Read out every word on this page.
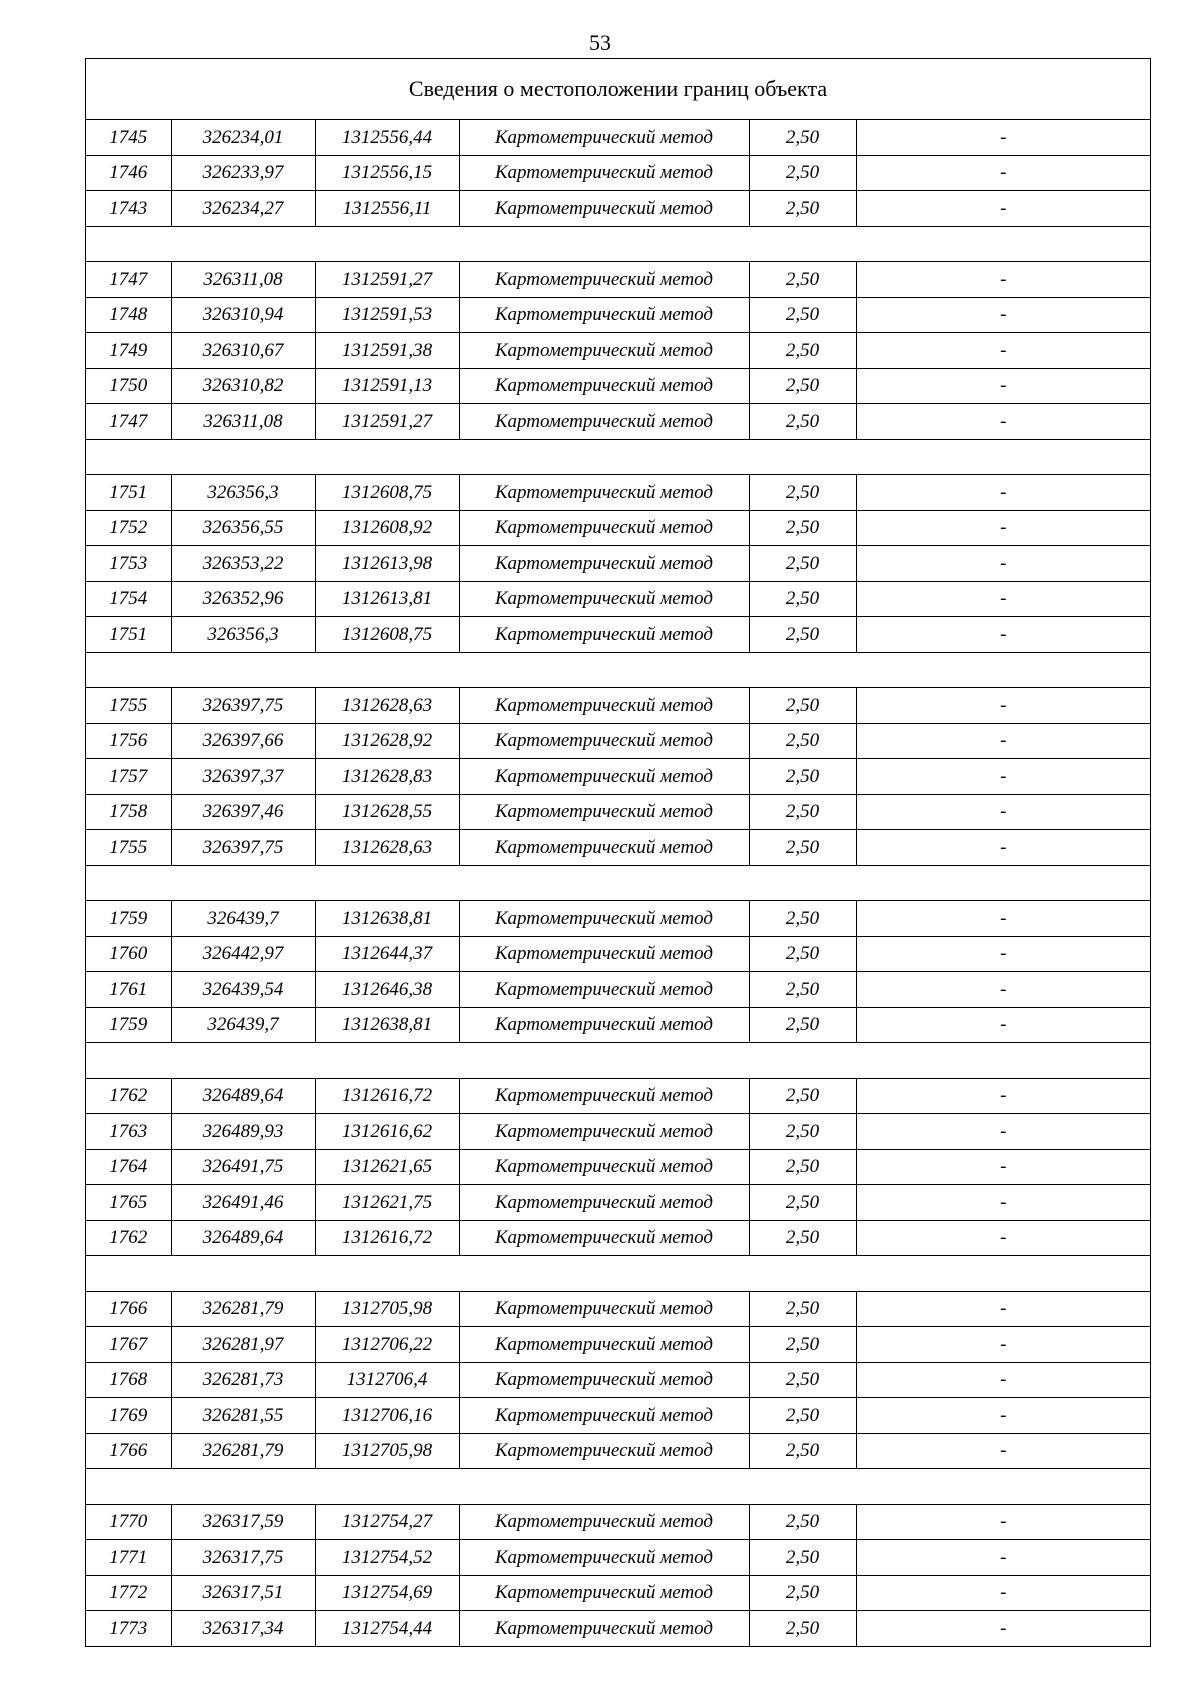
53
Сведения о местоположении границ объекта
1745	326234,01	1312556,44	Картометрический метод	2,50	-
1746	326233,97	1312556,15	Картометрический метод	2,50	-
1743	326234,27	1312556,11	Картометрический метод	2,50	-

1747	326311,08	1312591,27	Картометрический метод	2,50	-
1748	326310,94	1312591,53	Картометрический метод	2,50	-
1749	326310,67	1312591,38	Картометрический метод	2,50	-
1750	326310,82	1312591,13	Картометрический метод	2,50	-
1747	326311,08	1312591,27	Картометрический метод	2,50	-

1751	326356,3	1312608,75	Картометрический метод	2,50	-
1752	326356,55	1312608,92	Картометрический метод	2,50	-
1753	326353,22	1312613,98	Картометрический метод	2,50	-
1754	326352,96	1312613,81	Картометрический метод	2,50	-
1751	326356,3	1312608,75	Картометрический метод	2,50	-

1755	326397,75	1312628,63	Картометрический метод	2,50	-
1756	326397,66	1312628,92	Картометрический метод	2,50	-
1757	326397,37	1312628,83	Картометрический метод	2,50	-
1758	326397,46	1312628,55	Картометрический метод	2,50	-
1755	326397,75	1312628,63	Картометрический метод	2,50	-

1759	326439,7	1312638,81	Картометрический метод	2,50	-
1760	326442,97	1312644,37	Картометрический метод	2,50	-
1761	326439,54	1312646,38	Картометрический метод	2,50	-
1759	326439,7	1312638,81	Картометрический метод	2,50	-

1762	326489,64	1312616,72	Картометрический метод	2,50	-
1763	326489,93	1312616,62	Картометрический метод	2,50	-
1764	326491,75	1312621,65	Картометрический метод	2,50	-
1765	326491,46	1312621,75	Картометрический метод	2,50	-
1762	326489,64	1312616,72	Картометрический метод	2,50	-

1766	326281,79	1312705,98	Картометрический метод	2,50	-
1767	326281,97	1312706,22	Картометрический метод	2,50	-
1768	326281,73	1312706,4	Картометрический метод	2,50	-
1769	326281,55	1312706,16	Картометрический метод	2,50	-
1766	326281,79	1312705,98	Картометрический метод	2,50	-

1770	326317,59	1312754,27	Картометрический метод	2,50	-
1771	326317,75	1312754,52	Картометрический метод	2,50	-
1772	326317,51	1312754,69	Картометрический метод	2,50	-
1773	326317,34	1312754,44	Картометрический метод	2,50	-
